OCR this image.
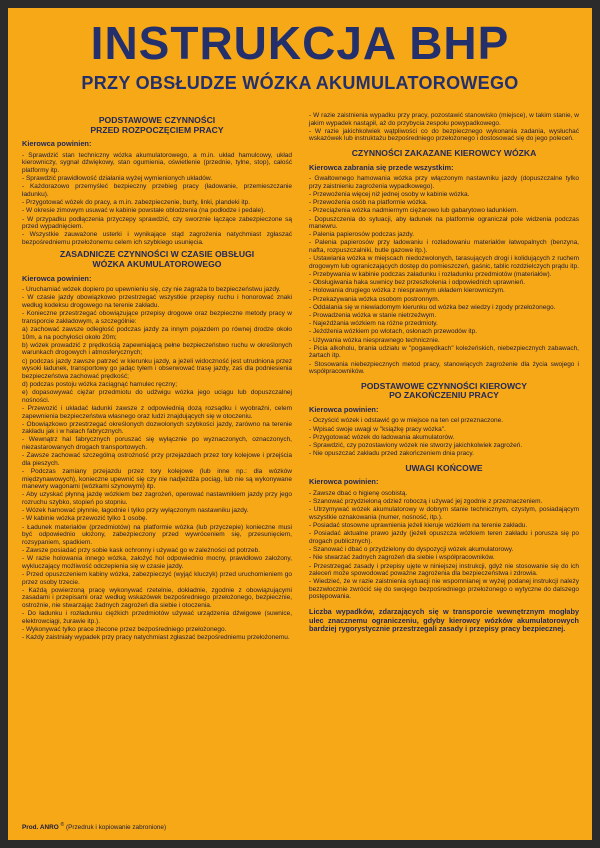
INSTRUKCJA BHP
PRZY OBSŁUDZE WÓZKA AKUMULATOROWEGO
PODSTAWOWE CZYNNOŚCI
PRZED ROZPOCZĘCIEM PRACY
Kierowca powinien:
- Sprawdzić stan techniczny wózka akumulatorowego, a m.in. układ hamulcowy, układ kierowniczy, sygnał dźwiękowy, stan ogumienia, oświetlenie (przednie, tylne, stop), całość platformy itp.
- Sprawdzić prawidłowość działania wyżej wymienionych układów.
- Każdorazowo przemyśleć bezpieczny przebieg pracy (ładowanie, przemieszczanie ładunku).
- Przygotować wózek do pracy, a m.in. zabezpieczenie, burty, linki, plandeki itp.
- W okresie zimowym usuwać w kabinie powstałe oblodzenia (na podłodze i pedale).
- W przypadku podłączenia przyczepy sprawdzić, czy sworznie łączące zabezpieczone są przed wypadnięciem.
- Wszystkie zauważone usterki i wynikające stąd zagrożenia natychmiast zgłaszać bezpośredniemu przełożonemu celem ich szybkiego usunięcia.
ZASADNICZE CZYNNOŚCI W CZASIE OBSŁUGI
WÓZKA AKUMULATOROWEGO
Kierowca powinien:
- Uruchamiać wózek dopiero po upewnieniu się, czy nie zagraża to bezpieczeństwu jazdy.
- W czasie jazdy obowiązkowo przestrzegać wszystkie przepisy ruchu i honorować znaki według kodeksu drogowego na terenie zakładu.
- Konieczne przestrzegać obowiązujące przepisy drogowe oraz bezpieczne metody pracy w transporcie zakładowym, a szczególnie:
a) zachować zawsze odległość podczas jazdy za innym pojazdem po równej drodze około 10m, a na pochyłości około 20m;
b) wózek prowadzić z prędkością zapewniającą pełne bezpieczeństwo ruchu w określonych warunkach drogowych i atmosferycznych;
c) podczas jazdy zawsze patrzeć w kierunku jazdy, a jeżeli widoczność jest utrudniona przez wysoki ładunek, transportowy go jadąc tyłem i obserwować trasę jazdy, zaś dla podniesienia bezpieczeństwa zachować prędkość;
d) podczas postoju wózka zaciągnąć hamulec ręczny;
e) dopasowywać ciężar przedmiotu do udźwigu wózka jego uciągu lub dopuszczalnej nośności.
- Przewozić i układać ładunki zawsze z odpowiednią dozą rozsądku i wyobraźni, celem zapewnienia bezpieczeństwa własnego oraz ludzi znajdujących się w otoczeniu.
- Obowiązkowo przestrzegać określonych dozwolonych szybkości jazdy, zarówno na terenie zakładu jak i w halach fabrycznych.
- Wewnątrz hal fabrycznych poruszać się wyłącznie po wyznaczonych, oznaczonych, niezastarowanych drogach transportowych.
- Zawsze zachować szczególną ostrożność przy przejazdach przez tory kolejowe i przejścia dla pieszych.
- Podczas zamiany przejazdu przez tory kolejowe (lub inne np.: dla wózków międzynawowych), konieczne upewnić się czy nie nadjeżdża pociąg, lub nie są wykonywane manewry wagonami (wózkami szynowymi) itp.
- Aby uzyskać płynną jazdę wózkiem bez zagrożeń, operować nastawnikiem jazdy przy jego rozruchu szybko, stopień po stopniu.
- Wózek hamować płynnie, łagodnie i tylko przy wyłączonym nastawniku jazdy.
- W kabinie wózka przewozić tylko 1 osobę.
- Ładunek materiałów (przedmiotów) na platformie wózka (lub przyczepie) konieczne musi być odpowiednio ułożony, zabezpieczony przed wywróceniem się, przesunięciem, rozsypaniem, spadkiem.
- Zawsze posiadać przy sobie kask ochronny i używać go w zależności od potrzeb.
- W razie holowania innego wózka, założyć hol odpowiednio mocny, prawidłowo założony, wykluczający możliwość odczepienia się w czasie jazdy.
- Przed opuszczeniem kabiny wózka, zabezpieczyć (wyjąć kluczyk) przed uruchomieniem go przez osoby trzecie.
- Każdą powierzoną pracę wykonywać rzetelnie, dokładnie, zgodnie z obowiązującymi zasadami i przepisami oraz według wskazówek bezpośredniego przełożonego, bezpiecznie, ostrożnie, nie stwarzając żadnych zagrożeń dla siebie i otoczenia.
- Do ładunku i rozładunku ciężkich przedmiotów używać urządzenia dźwigowe (suwnice, elektrowciągi, żurawie itp.).
- Wykonywać tylko prace zlecone przez bezpośredniego przełożonego.
- Każdy zaistniały wypadek przy pracy natychmiast zgłaszać bezpośredniemu przełożonemu.
- W razie zaistnienia wypadku przy pracy, pozostawić stanowisko (miejsce), w takim stanie, w jakim wypadek nastąpił, aż do przybycia zespołu powypadkowego.
- W razie jakichkolwiek wątpliwości co do bezpiecznego wykonania zadania, wysłuchać wskazówek lub instruktażu bezpośredniego przełożonego i dostosować się do jego poleceń.
CZYNNOŚCI ZAKAZANE KIEROWCY WÓZKA
Kierowca zabrania się przede wszystkim:
- Gwałtownego hamowania wózka przy włączonym nastawniku jazdy (dopuszczalne tylko przy zaistnieniu zagrożenia wypadkowego).
- Przewożenia więcej niż jednej osoby w kabinie wózka.
- Przewożenia osób na platformie wózka.
- Przeciążenia wózka nadmiernym ciężarowo lub gabarytowo ładunkiem.
- Dopuszczenia do sytuacji, aby ładunek na platformie ograniczał pole widzenia podczas manewru.
- Palenia papierosów podczas jazdy.
- Palenia papierosów przy ładowaniu i rozładowaniu materiałów łatwopalnych (benzyna, nafta, rozpuszczalniki, butle gazowe itp.).
- Ustawiania wózka w miejscach niedozwolonych, tarasujących drogi i kolidujących z ruchem drogowym lub ograniczających dostęp do pomieszczeń, gaśnic, tablic rozdzielczych prądu itp.
- Przebywania w kabinie podczas załadunku i rozładunku przedmiotów (materiałów).
- Obsługiwania haka suwnicy bez przeszkolenia i odpowiednich uprawnień.
- Holowania drugiego wózka z niesprawnym układem kierowniczym.
- Przekazywania wózka osobom postronnym.
- Oddalania się w niewiadomym kierunku od wózka bez wiedzy i zgody przełożonego.
- Prowadzenia wózka w stanie nietrzeźwym.
- Najeżdżania wózkiem na różne przedmioty.
- Jeżdżenia wózkiem po wlotach, osłonach przewodów itp.
- Używania wózka niesprawnego technicznie.
- Picia alkoholu, brania udziału w "pogawędkach" koleżeńskich, niebezpiecznych zabawach, żartach itp.
- Stosowania niebezpiecznych metod pracy, stanowiących zagrożenie dla życia swojego i współpracowników.
PODSTAWOWE CZYNNOŚCI KIEROWCY
PO ZAKOŃCZENIU PRACY
Kierowca powinien:
- Oczyścić wózek i odstawić go w miejsce na ten cel przeznaczone.
- Wpisać swoje uwagi w "książkę pracy wózka".
- Przygotować wózek do ładowania akumulatorów.
- Sprawdzić, czy pozostawiony wózek nie stworzy jakichkolwiek zagrożeń.
- Nie opuszczać zakładu przed zakończeniem dnia pracy.
UWAGI KOŃCOWE
Kierowca powinien:
- Zawsze dbać o higienę osobistą.
- Szanować przydzieloną odzież roboczą i używać jej zgodnie z przeznaczeniem.
- Utrzymywać wózek akumulatorowy w dobrym stanie technicznym, czystym, posiadającym wszystkie oznakowania (numer, nośność, itp.).
- Posiadać stosowne uprawnienia jeżeli kieruje wózkiem na terenie zakładu.
- Posiadać aktualne prawo jazdy (jeżeli opuszcza wózkiem teren zakładu i porusza się po drogach publicznych).
- Szanować i dbać o przydzielony do dyspozycji wózek akumulatorowy.
- Nie stwarzać żadnych zagrożeń dla siebie i współpracowników.
- Przestrzegać zasady i przepisy ujęte w niniejszej instrukcji, gdyż nie stosowanie się do ich zaleceń może spowodować poważne zagrożenia dla bezpieczeństwa i zdrowia.
- Wiedzieć, że w razie zaistnienia sytuacji nie wspomnianej w wyżej podanej instrukcji należy bezzwłocznie zwrócić się do swojego bezpośredniego przełożonego o wytyczne do dalszego postępowania.
Liczba wypadków, zdarzających się w transporcie wewnętrznym mogłaby ulec znacznemu ograniczeniu, gdyby kierowcy wózków akumulatorowych bardziej rygorystycznie przestrzegali zasady i przepisy pracy bezpiecznej.
Prod. ANRO ® (Przedruk i kopiowanie zabronione)
